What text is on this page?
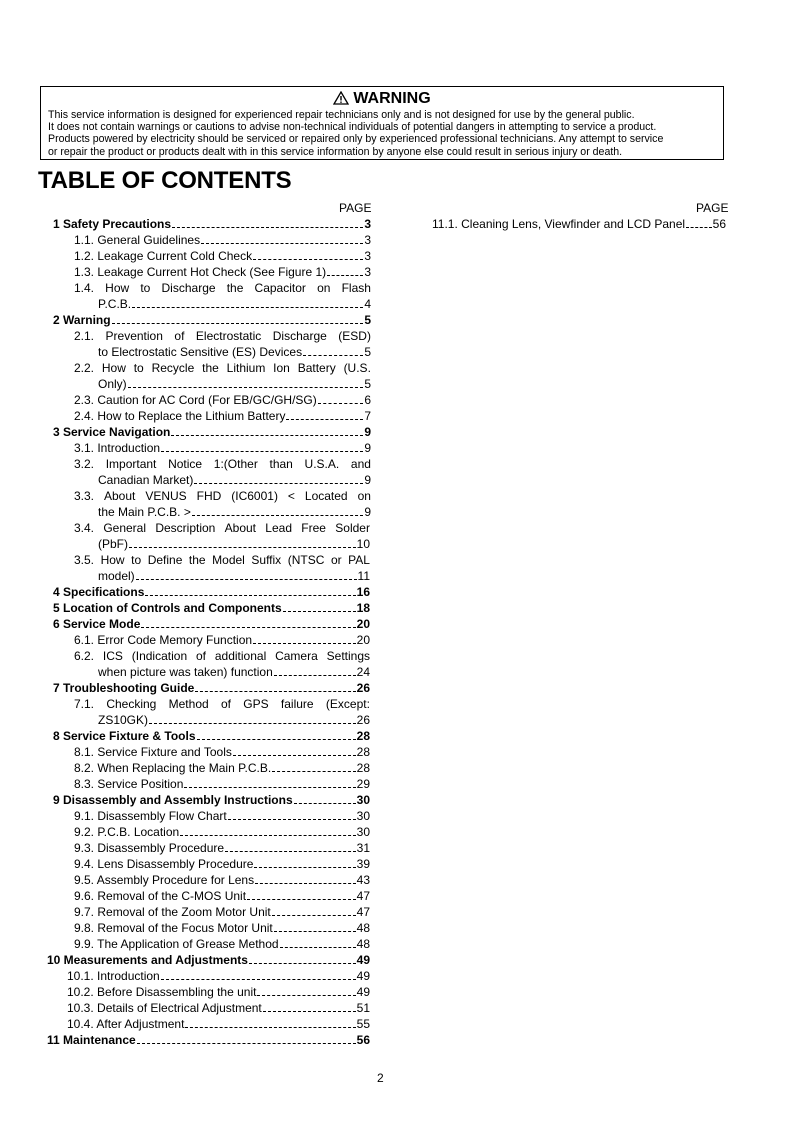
WARNING
This service information is designed for experienced repair technicians only and is not designed for use by the general public.
It does not contain warnings or cautions to advise non-technical individuals of potential dangers in attempting to service a product.
Products powered by electricity should be serviced or repaired only by experienced professional technicians. Any attempt to service
or repair the product or products dealt with in this service information by anyone else could result in serious injury or death.
TABLE OF CONTENTS
PAGE	PAGE
1 Safety Precautions	3
1.1. General Guidelines	3
1.2. Leakage Current Cold Check	3
1.3. Leakage Current Hot Check (See Figure 1)	3
1.4. How to Discharge the Capacitor on Flash
P.C.B.	4
2 Warning	5
2.1. Prevention of Electrostatic Discharge (ESD)
to Electrostatic Sensitive (ES) Devices	5
2.2. How to Recycle the Lithium Ion Battery (U.S.
Only)	5
2.3. Caution for AC Cord (For EB/GC/GH/SG)	6
2.4. How to Replace the Lithium Battery	7
3 Service Navigation	9
3.1. Introduction	9
3.2. Important Notice 1:(Other than U.S.A. and
Canadian Market)	9
3.3. About VENUS FHD (IC6001) < Located on
the Main P.C.B. >	9
3.4. General Description About Lead Free Solder
(PbF)	10
3.5. How to Define the Model Suffix (NTSC or PAL
model)	11
4 Specifications	16
5 Location of Controls and Components	18
6 Service Mode	20
6.1. Error Code Memory Function	20
6.2. ICS (Indication of additional Camera Settings
when picture was taken) function	24
7 Troubleshooting Guide	26
7.1. Checking Method of GPS failure (Except:
ZS10GK)	26
8 Service Fixture & Tools	28
8.1. Service Fixture and Tools	28
8.2. When Replacing the Main P.C.B.	28
8.3. Service Position	29
9 Disassembly and Assembly Instructions	30
9.1. Disassembly Flow Chart	30
9.2. P.C.B. Location	30
9.3. Disassembly Procedure	31
9.4. Lens Disassembly Procedure	39
9.5. Assembly Procedure for Lens	43
9.6. Removal of the C-MOS Unit	47
9.7. Removal of the Zoom Motor Unit	47
9.8. Removal of the Focus Motor Unit	48
9.9. The Application of Grease Method	48
10 Measurements and Adjustments	49
10.1. Introduction	49
10.2. Before Disassembling the unit	49
10.3. Details of Electrical Adjustment	51
10.4. After Adjustment	55
11 Maintenance	56
11.1. Cleaning Lens, Viewfinder and LCD Panel 56
2
